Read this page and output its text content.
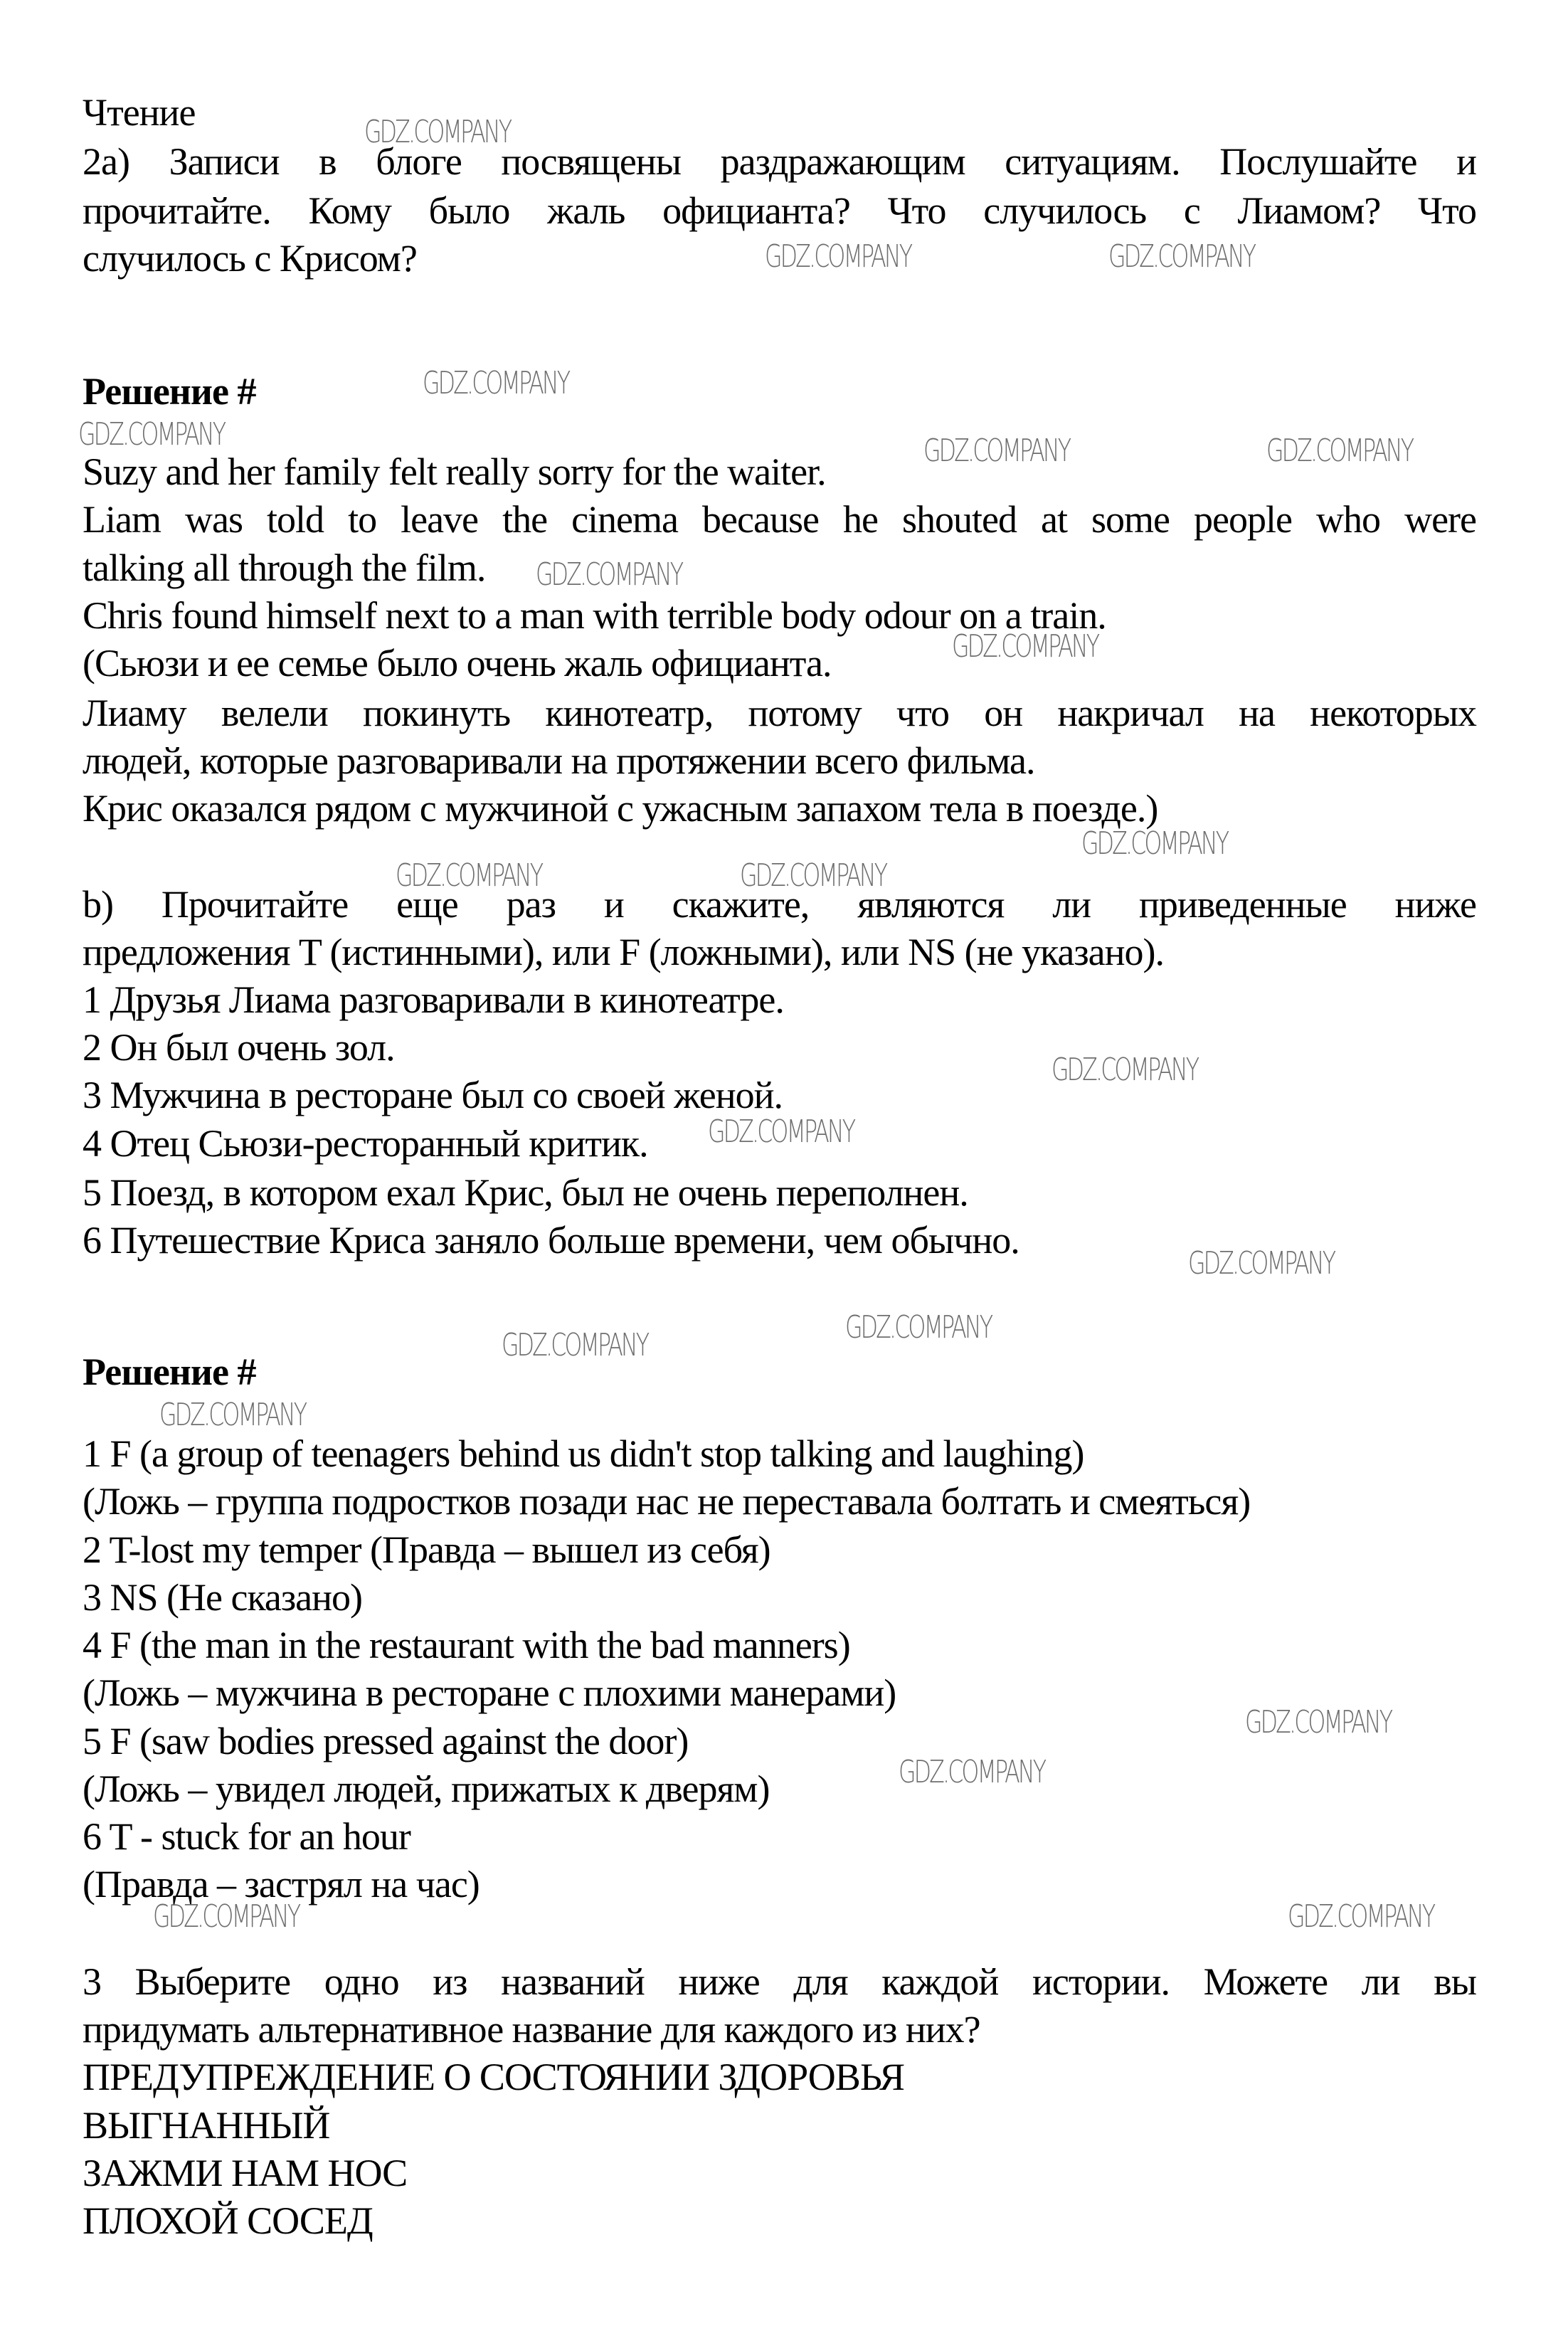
Чтение
2a) Записи в блоге посвящены раздражающим ситуациям. Послушайте и
прочитайте. Кому было жаль официанта? Что случилось с Лиамом? Что
случилось с Крисом?
Решение #
Suzy and her family felt really sorry for the waiter.
Liam was told to leave the cinema because he shouted at some people who were
talking all through the film.
Chris found himself next to a man with terrible body odour on a train.
(Сьюзи и ее семье было очень жаль официанта.
Лиаму велели покинуть кинотеатр, потому что он накричал на некоторых
людей, которые разговаривали на протяжении всего фильма.
Крис оказался рядом с мужчиной с ужасным запахом тела в поезде.)
b) Прочитайте еще раз и скажите, являются ли приведенные ниже
предложения T (истинными), или F (ложными), или NS (не указано).
1 Друзья Лиама разговаривали в кинотеатре.
2 Он был очень зол.
3 Мужчина в ресторане был со своей женой.
4 Отец Сьюзи-ресторанный критик.
5 Поезд, в котором ехал Крис, был не очень переполнен.
6 Путешествие Криса заняло больше времени, чем обычно.
Решение #
1 F (a group of teenagers behind us didn't stop talking and laughing)
(Ложь – группа подростков позади нас не переставала болтать и смеяться)
2 T-lost my temper (Правда – вышел из себя)
3 NS (Не сказано)
4 F (the man in the restaurant with the bad manners)
(Ложь – мужчина в ресторане с плохими манерами)
5 F (saw bodies pressed against the door)
(Ложь – увидел людей, прижатых к дверям)
6 T - stuck for an hour
(Правда – застрял на час)
3 Выберите одно из названий ниже для каждой истории. Можете ли вы
придумать альтернативное название для каждого из них?
ПРЕДУПРЕЖДЕНИЕ О СОСТОЯНИИ ЗДОРОВЬЯ
ВЫГНАННЫЙ
ЗАЖМИ НАМ НОС
ПЛОХОЙ СОСЕД
GDZ.COMPANY
GDZ.COMPANY	GDZ.COMPANY
GDZ.COMPANY
GDZ.COMPANY	GDZ.COMPANY	GDZ.COMPANY
GDZ.COMPANY
GDZ.COMPANY
GDZ.COMPANY
GDZ.COMPANY	GDZ.COMPANY
GDZ.COMPANY
GDZ.COMPANY
GDZ.COMPANY
GDZ.COMPANY
GDZ.COMPANY
GDZ.COMPANY
GDZ.COMPANY
GDZ.COMPANY
GDZ.COMPANY	GDZ.COMPANY
